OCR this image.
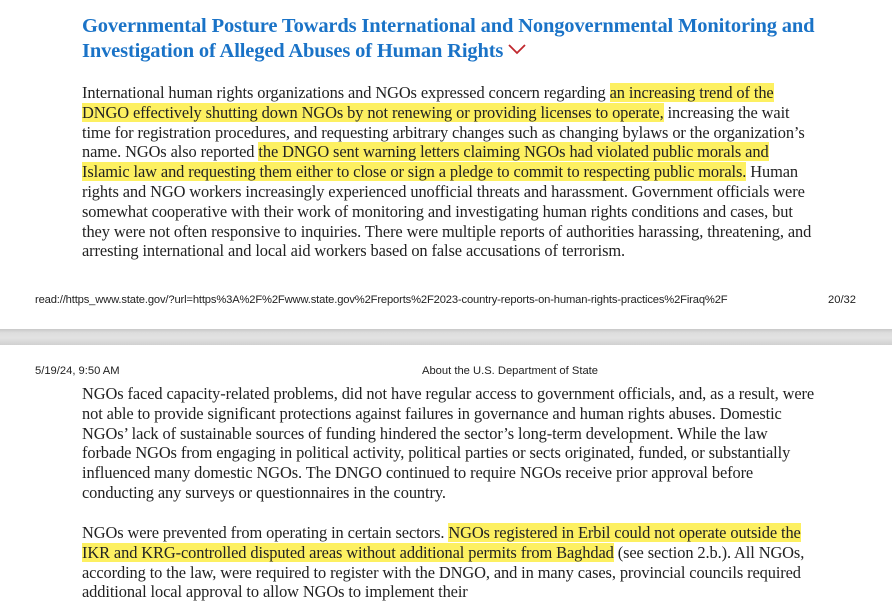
Governmental Posture Towards International and Nongovernmental Monitoring and Investigation of Alleged Abuses of Human Rights
International human rights organizations and NGOs expressed concern regarding an increasing trend of the DNGO effectively shutting down NGOs by not renewing or providing licenses to operate, increasing the wait time for registration procedures, and requesting arbitrary changes such as changing bylaws or the organization’s name. NGOs also reported the DNGO sent warning letters claiming NGOs had violated public morals and Islamic law and requesting them either to close or sign a pledge to commit to respecting public morals. Human rights and NGO workers increasingly experienced unofficial threats and harassment. Government officials were somewhat cooperative with their work of monitoring and investigating human rights conditions and cases, but they were not often responsive to inquiries. There were multiple reports of authorities harassing, threatening, and arresting international and local aid workers based on false accusations of terrorism.
read://https_www.state.gov/?url=https%3A%2F%2Fwww.state.gov%2Freports%2F2023-country-reports-on-human-rights-practices%2Firaq%2F	20/32
5/19/24, 9:50 AM	About the U.S. Department of State
NGOs faced capacity-related problems, did not have regular access to government officials, and, as a result, were not able to provide significant protections against failures in governance and human rights abuses. Domestic NGOs’ lack of sustainable sources of funding hindered the sector’s long-term development. While the law forbade NGOs from engaging in political activity, political parties or sects originated, funded, or substantially influenced many domestic NGOs. The DNGO continued to require NGOs receive prior approval before conducting any surveys or questionnaires in the country.
NGOs were prevented from operating in certain sectors. NGOs registered in Erbil could not operate outside the IKR and KRG-controlled disputed areas without additional permits from Baghdad (see section 2.b.). All NGOs, according to the law, were required to register with the DNGO, and in many cases, provincial councils required additional local approval to allow NGOs to implement their
